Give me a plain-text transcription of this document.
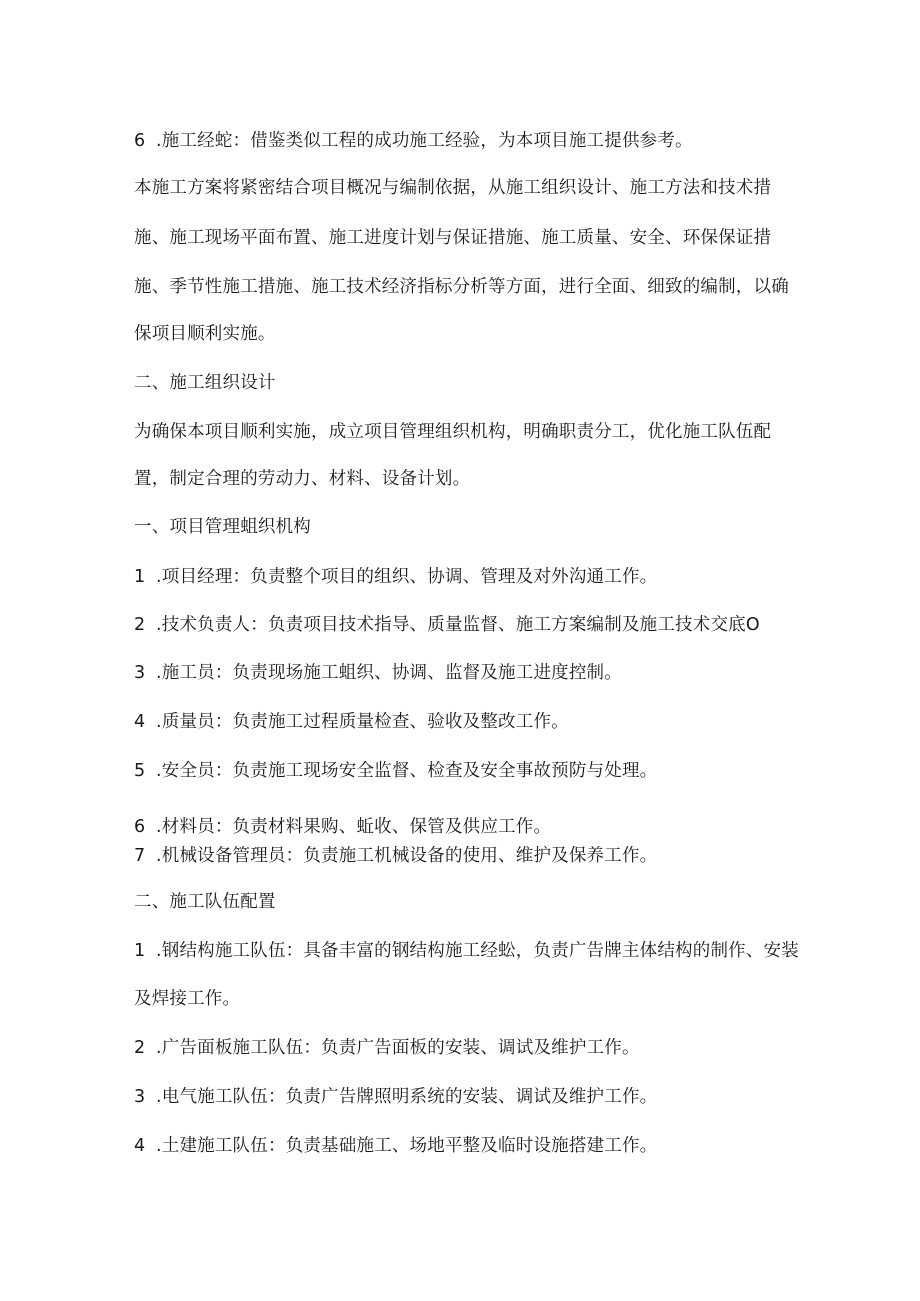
6 .施工经蛇：借鉴类似工程的成功施工经验，为本项目施工提供参考。
本施工方案将紧密结合项目概况与编制依据，从施工组织设计、施工方法和技术措
施、施工现场平面布置、施工进度计划与保证措施、施工质量、安全、环保保证措
施、季节性施工措施、施工技术经济指标分析等方面，进行全面、细致的编制，以确
保项目顺利实施。
二、施工组织设计
为确保本项目顺利实施，成立项目管理组织机构，明确职责分工，优化施工队伍配
置，制定合理的劳动力、材料、设备计划。
一、项目管理蛆织机构
1 .项目经理：负责整个项目的组织、协调、管理及对外沟通工作。
2 .技术负责人：负责项目技术指导、质量监督、施工方案编制及施工技术交底O
3 .施工员：负责现场施工蛆织、协调、监督及施工进度控制。
4 .质量员：负责施工过程质量检查、验收及整改工作。
5 .安全员：负责施工现场安全监督、检查及安全事故预防与处理。
6 .材料员：负责材料果购、蚯收、保管及供应工作。
7 .机械设备管理员：负责施工机械设备的使用、维护及保养工作。
二、施工队伍配置
1 .钢结构施工队伍：具备丰富的钢结构施工经蚣，负责广告牌主体结构的制作、安装
及焊接工作。
2 .广告面板施工队伍：负责广告面板的安装、调试及维护工作。
3 .电气施工队伍：负责广告牌照明系统的安装、调试及维护工作。
4 .土建施工队伍：负责基础施工、场地平整及临时设施搭建工作。
